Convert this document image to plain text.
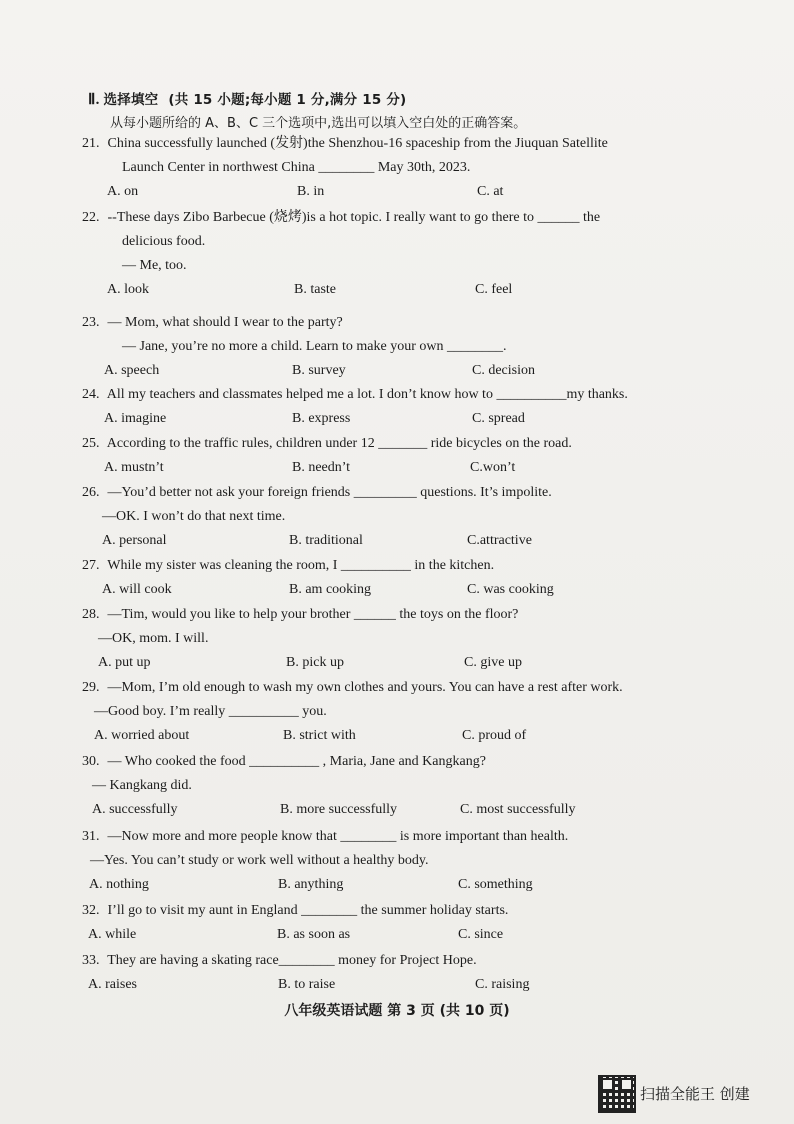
Ⅱ. 选择填空 (共 15 小题;每小题 1 分,满分 15 分)
从每小题所给的 A、B、C 三个选项中,选出可以填入空白处的正确答案。
21. China successfully launched (发射)the Shenzhou-16 spaceship from the Jiuquan Satellite
Launch Center in northwest China ________ May 30th, 2023.
A. on	B. in	C. at
22. --These days Zibo Barbecue (烧烤)is a hot topic. I really want to go there to ______ the
delicious food.
— Me, too.
A. look	B. taste	C. feel
23. — Mom, what should I wear to the party?
— Jane, you’re no more a child. Learn to make your own ________.
A. speech	B. survey	C. decision
24. All my teachers and classmates helped me a lot. I don’t know how to __________my thanks.
A. imagine	B. express	C. spread
25. According to the traffic rules, children under 12 _______ ride bicycles on the road.
A. mustn’t	B. needn’t	C.won’t
26. —You’d better not ask your foreign friends _________ questions. It’s impolite.
—OK. I won’t do that next time.
A. personal	B. traditional	C.attractive
27. While my sister was cleaning the room, I __________ in the kitchen.
A. will cook	B. am cooking	C. was cooking
28. —Tim, would you like to help your brother ______ the toys on the floor?
—OK, mom. I will.
A. put up	B. pick up	C. give up
29. —Mom, I’m old enough to wash my own clothes and yours. You can have a rest after work.
—Good boy. I’m really __________ you.
A. worried about	B. strict with	C. proud of
30. — Who cooked the food __________ , Maria, Jane and Kangkang?
— Kangkang did.
A. successfully	B. more successfully	C. most successfully
31. —Now more and more people know that ________ is more important than health.
—Yes. You can’t study or work well without a healthy body.
A. nothing	B. anything	C. something
32. I’ll go to visit my aunt in England ________ the summer holiday starts.
A. while	B. as soon as	C. since
33. They are having a skating race________ money for Project Hope.
A. raises	B. to raise	C. raising
八年级英语试题 第 3 页 (共 10 页)
扫描全能王 创建
